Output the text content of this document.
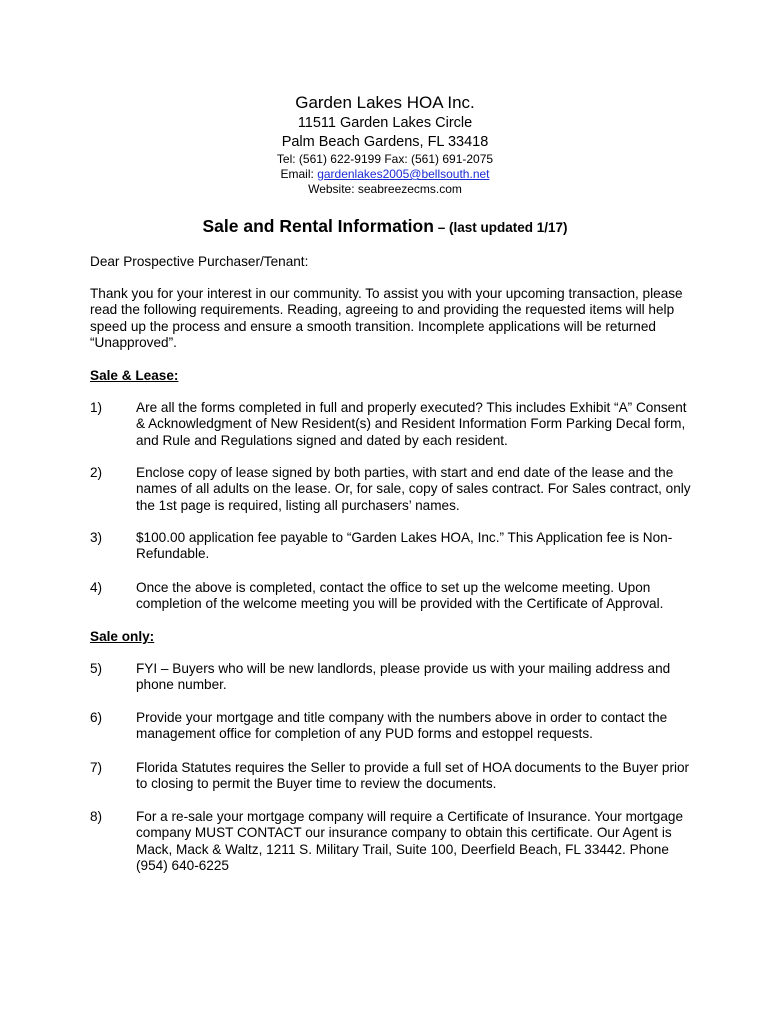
Garden Lakes HOA Inc.
11511 Garden Lakes Circle
Palm Beach Gardens, FL 33418
Tel: (561) 622-9199 Fax: (561) 691-2075
Email: gardenlakes2005@bellsouth.net
Website: seabreezecms.com
Sale and Rental Information – (last updated 1/17)
Dear Prospective Purchaser/Tenant:
Thank you for your interest in our community. To assist you with your upcoming transaction, please read the following requirements. Reading, agreeing to and providing the requested items will help speed up the process and ensure a smooth transition. Incomplete applications will be returned “Unapproved”.
Sale & Lease:
1)	Are all the forms completed in full and properly executed? This includes Exhibit “A” Consent & Acknowledgment of New Resident(s) and Resident Information Form Parking Decal form, and Rule and Regulations signed and dated by each resident.
2)	Enclose copy of lease signed by both parties, with start and end date of the lease and the names of all adults on the lease. Or, for sale, copy of sales contract. For Sales contract, only the 1st page is required, listing all purchasers’ names.
3)	$100.00 application fee payable to “Garden Lakes HOA, Inc.” This Application fee is Non- Refundable.
4)	Once the above is completed, contact the office to set up the welcome meeting. Upon completion of the welcome meeting you will be provided with the Certificate of Approval.
Sale only:
5)	FYI – Buyers who will be new landlords, please provide us with your mailing address and phone number.
6)	Provide your mortgage and title company with the numbers above in order to contact the management office for completion of any PUD forms and estoppel requests.
7)	Florida Statutes requires the Seller to provide a full set of HOA documents to the Buyer prior to closing to permit the Buyer time to review the documents.
8)	For a re-sale your mortgage company will require a Certificate of Insurance. Your mortgage company MUST CONTACT our insurance company to obtain this certificate. Our Agent is Mack, Mack & Waltz, 1211 S. Military Trail, Suite 100, Deerfield Beach, FL 33442. Phone (954) 640-6225
